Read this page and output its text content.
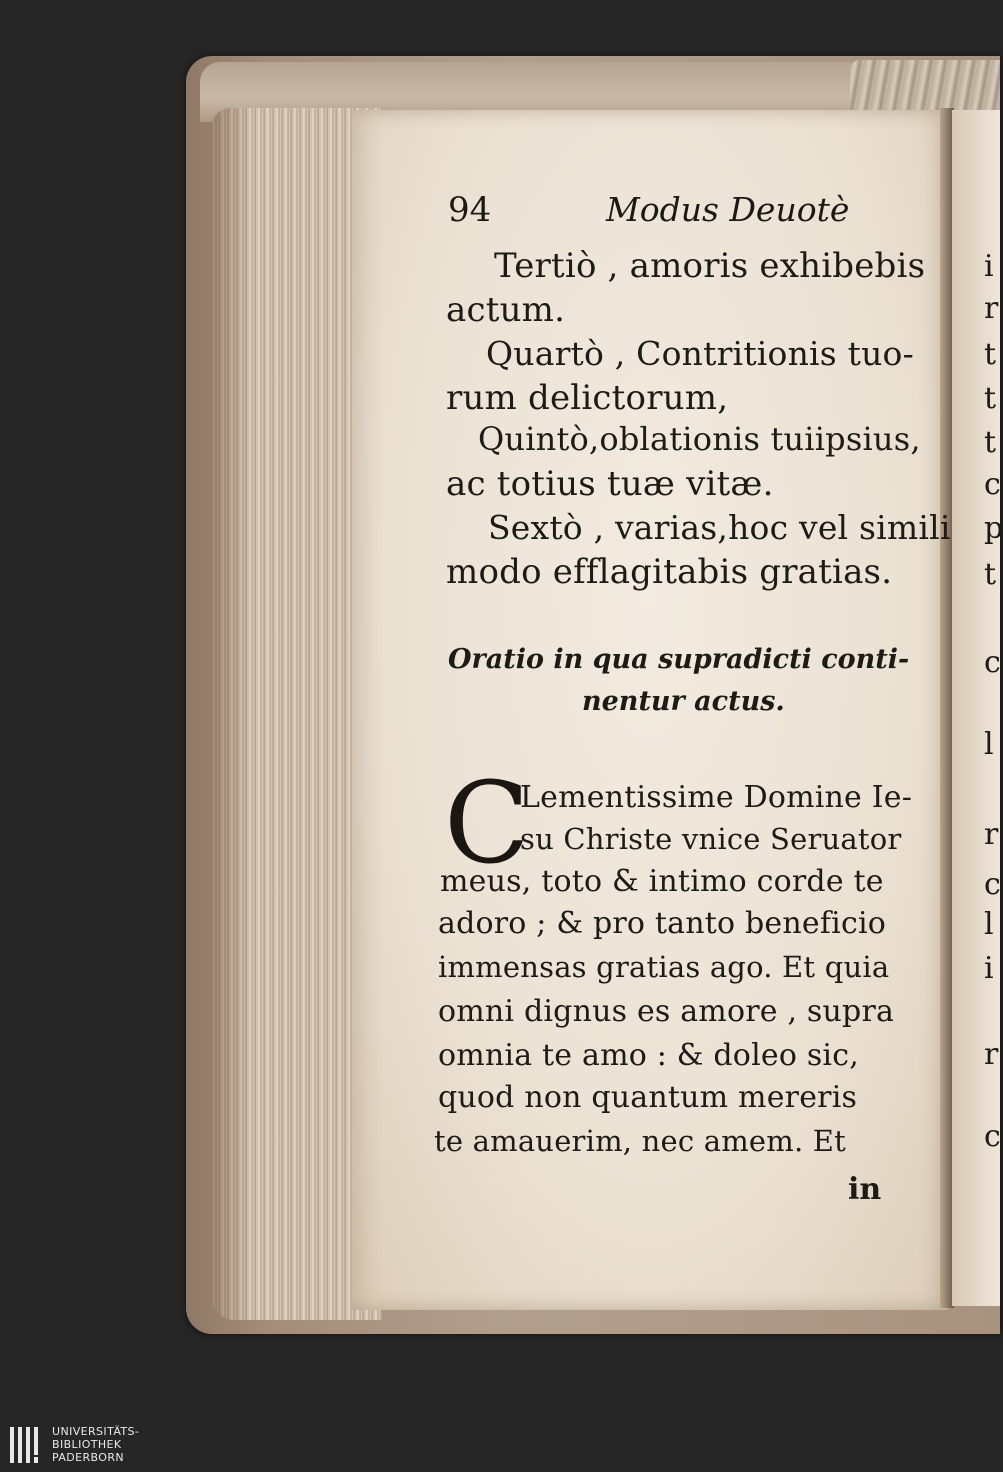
i
r
t
t
t
c
p
t
c
l
r
c
l
i
r
c
94	Modus Deuotè
Tertiò , amoris exhibebis
actum.
Quartò , Contritionis tuo-
rum delictorum,
Quintò,oblationis tuiipsius,
ac totius tuæ vitæ.
Sextò , varias,hoc vel simili
modo efflagitabis gratias.
Oratio in qua supradicti conti-
nentur actus.
C
Lementissime Domine Ie-
su Christe vnice Seruator
meus, toto & intimo corde te
adoro ; & pro tanto beneficio
immensas gratias ago. Et quia
omni dignus es amore , supra
omnia te amo : & doleo sic,
quod non quantum mereris
te amauerim, nec amem. Et
in
UNIVERSITÄTS-
BIBLIOTHEK
PADERBORN
